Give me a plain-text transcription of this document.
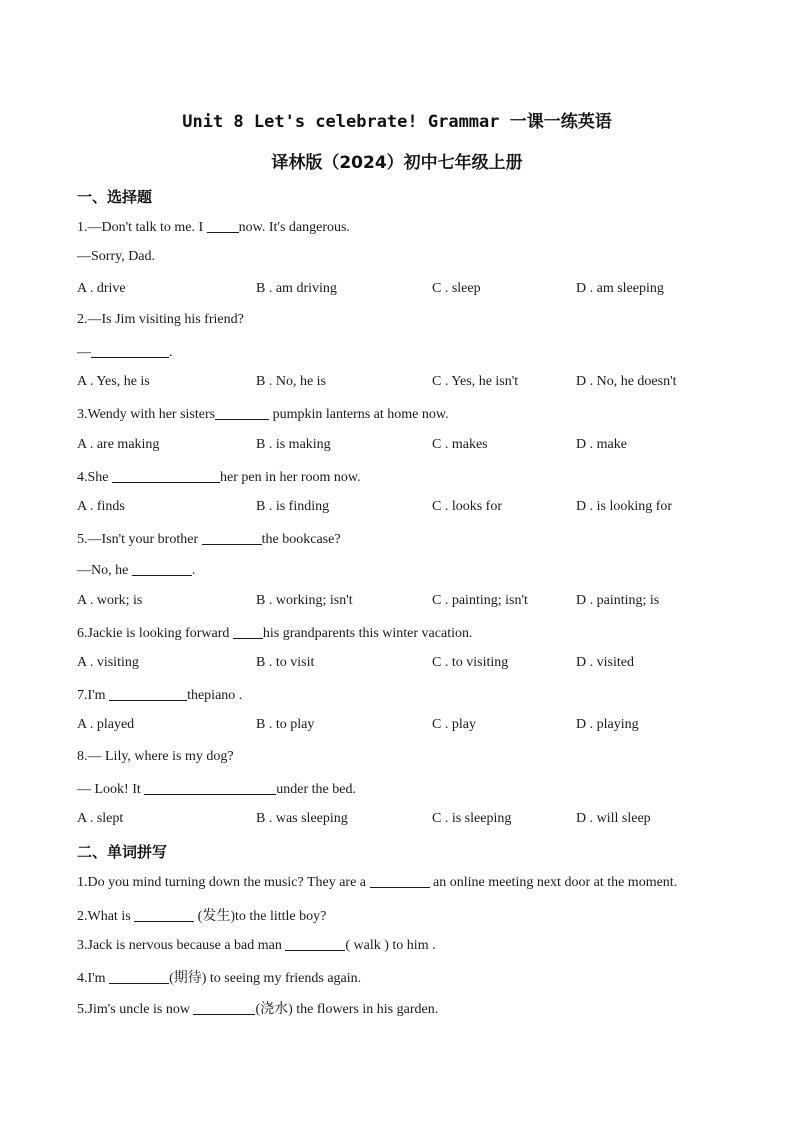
Unit 8 Let's celebrate! Grammar 一课一练英语
译林版（2024）初中七年级上册
一、选择题
1.—Don't talk to me. I now. It's dangerous.
—Sorry, Dad.
A . drive	B . am driving	C . sleep	D . am sleeping
2.—Is Jim visiting his friend?
—	.
A . Yes, he is	B . No, he is	C . Yes, he isn't	D . No, he doesn't
3.Wendy with her sisters	pumpkin lanterns at home now.
A . are making	B . is making	C . makes	D . make
4.She	her pen in her room now.
A . finds	B . is finding	C . looks for	D . is looking for
5.—Isn't your brother	the bookcase?
—No, he	.
A . work; is	B . working; isn't	C . painting; isn't	D . painting; is
6.Jackie is looking forward his grandparents this winter vacation.
A . visiting	B . to visit	C . to visiting	D . visited
7.I'm	thepiano .
A . played	B . to play	C . play	D . playing
8.— Lily, where is my dog?
— Look! It	under the bed.
A . slept	B . was sleeping	C . is sleeping	D . will sleep
二、单词拼写
1.Do you mind turning down the music? They are a	an online meeting next door at the moment.
2.What is	(发生)to the little boy?
3.Jack is nervous because a bad man	( walk ) to him .
4.I'm	(期待) to seeing my friends again.
5.Jim's uncle is now	(浇水) the flowers in his garden.
